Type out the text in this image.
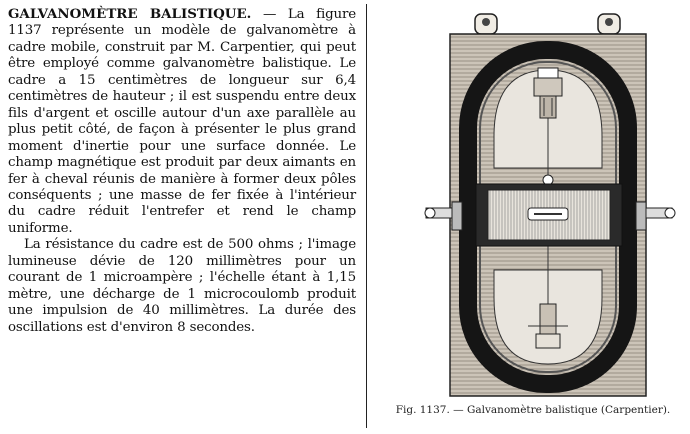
GALVANOMÈTRE BALISTIQUE. — La figure 1137 représente un modèle de galvanomètre à cadre mobile, construit par M. Carpentier, qui peut être employé comme galvanomètre balistique. Le cadre a 15 centimètres de longueur sur 6,4 centimètres de hauteur ; il est suspendu entre deux fils d'argent et oscille autour d'un axe parallèle au plus petit côté, de façon à présenter le plus grand moment d'inertie pour une surface donnée. Le champ magnétique est produit par deux aimants en fer à cheval réunis de manière à former deux pôles conséquents ; une masse de fer fixée à l'intérieur du cadre réduit l'entrefer et rend le champ uniforme.

La résistance du cadre est de 500 ohms ; l'image lumineuse dévie de 120 millimètres pour un courant de 1 microampère ; l'échelle étant à 1,15 mètre, une décharge de 1 microcoulomb produit une impulsion de 40 millimètres. La durée des oscillations est d'environ 8 secondes.

Fig. 1137. — Galvanomètre balistique (Carpentier).
